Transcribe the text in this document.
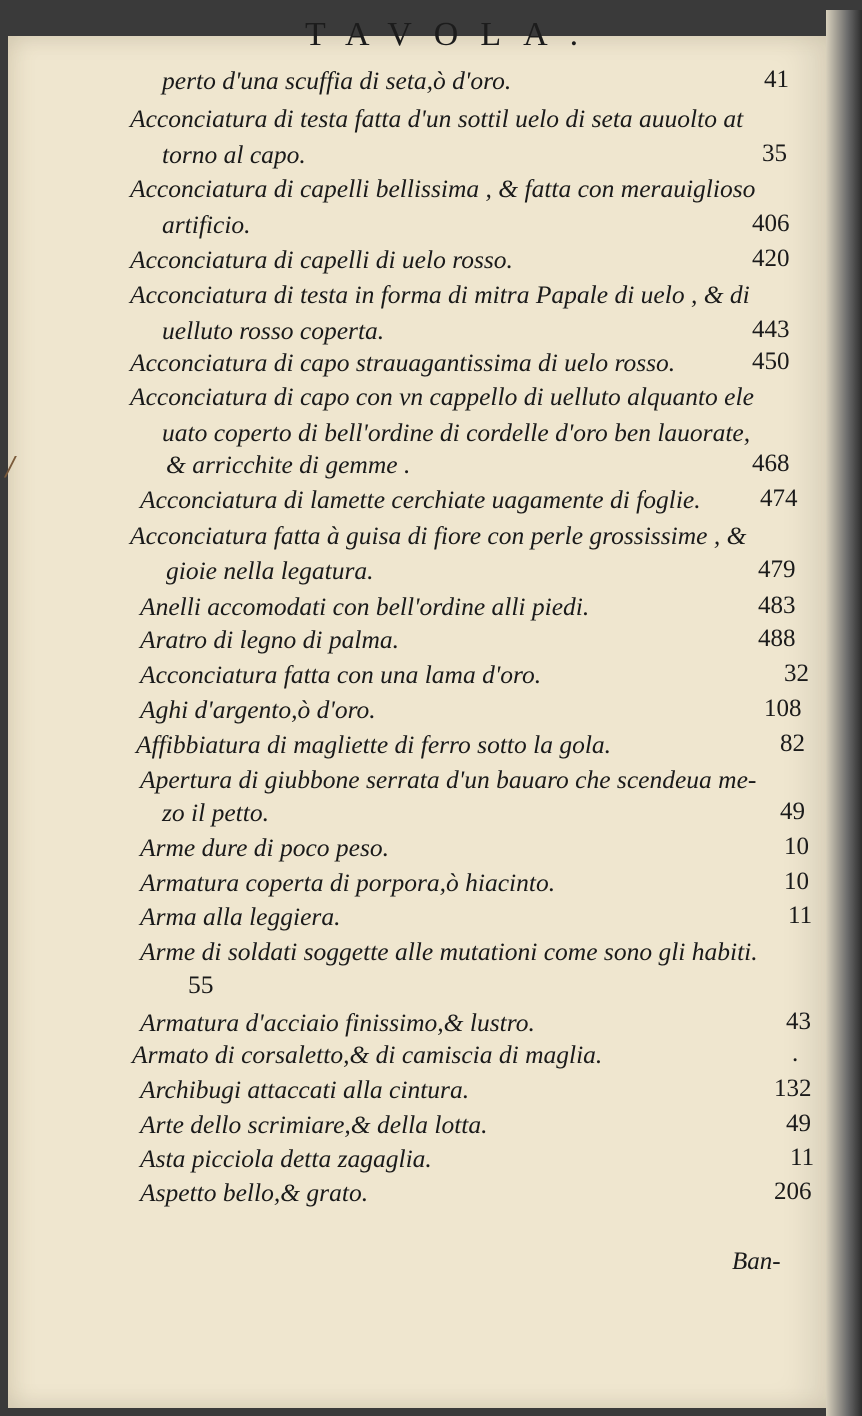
TAVOLA.
/
perto d'una scuffia di seta,ò d'oro.	41
Acconciatura di testa fatta d'un sottil uelo di seta auuolto at
torno al capo.	35
Acconciatura di capelli bellissima , & fatta con merauiglioso
artificio.	406
Acconciatura di capelli di uelo rosso.	420
Acconciatura di testa in forma di mitra Papale di uelo , & di
uelluto rosso coperta.	443
Acconciatura di capo strauagantissima di uelo rosso.	450
Acconciatura di capo con vn cappello di uelluto alquanto ele
uato coperto di bell'ordine di cordelle d'oro ben lauorate,
& arricchite di gemme .	468
Acconciatura di lamette cerchiate uagamente di foglie. 474
Acconciatura fatta à guisa di fiore con perle grossissime , &
gioie nella legatura.	479
Anelli accomodati con bell'ordine alli piedi.	483
Aratro di legno di palma.	488
Acconciatura fatta con una lama d'oro.	32
Aghi d'argento,ò d'oro.	108
Affibbiatura di magliette di ferro sotto la gola.	82
Apertura di giubbone serrata d'un bauaro che scendeua me-
zo il petto.	49
Arme dure di poco peso.	10
Armatura coperta di porpora,ò hiacinto.	10
Arma alla leggiera.	11
Arme di soldati soggette alle mutationi come sono gli habiti.
55
Armatura d'acciaio finissimo,& lustro.	43
Armato di corsaletto,& di camiscia di maglia.	.
Archibugi attaccati alla cintura.	132
Arte dello scrimiare,& della lotta.	49
Asta picciola detta zagaglia.	11
Aspetto bello,& grato.	206
Ban-
